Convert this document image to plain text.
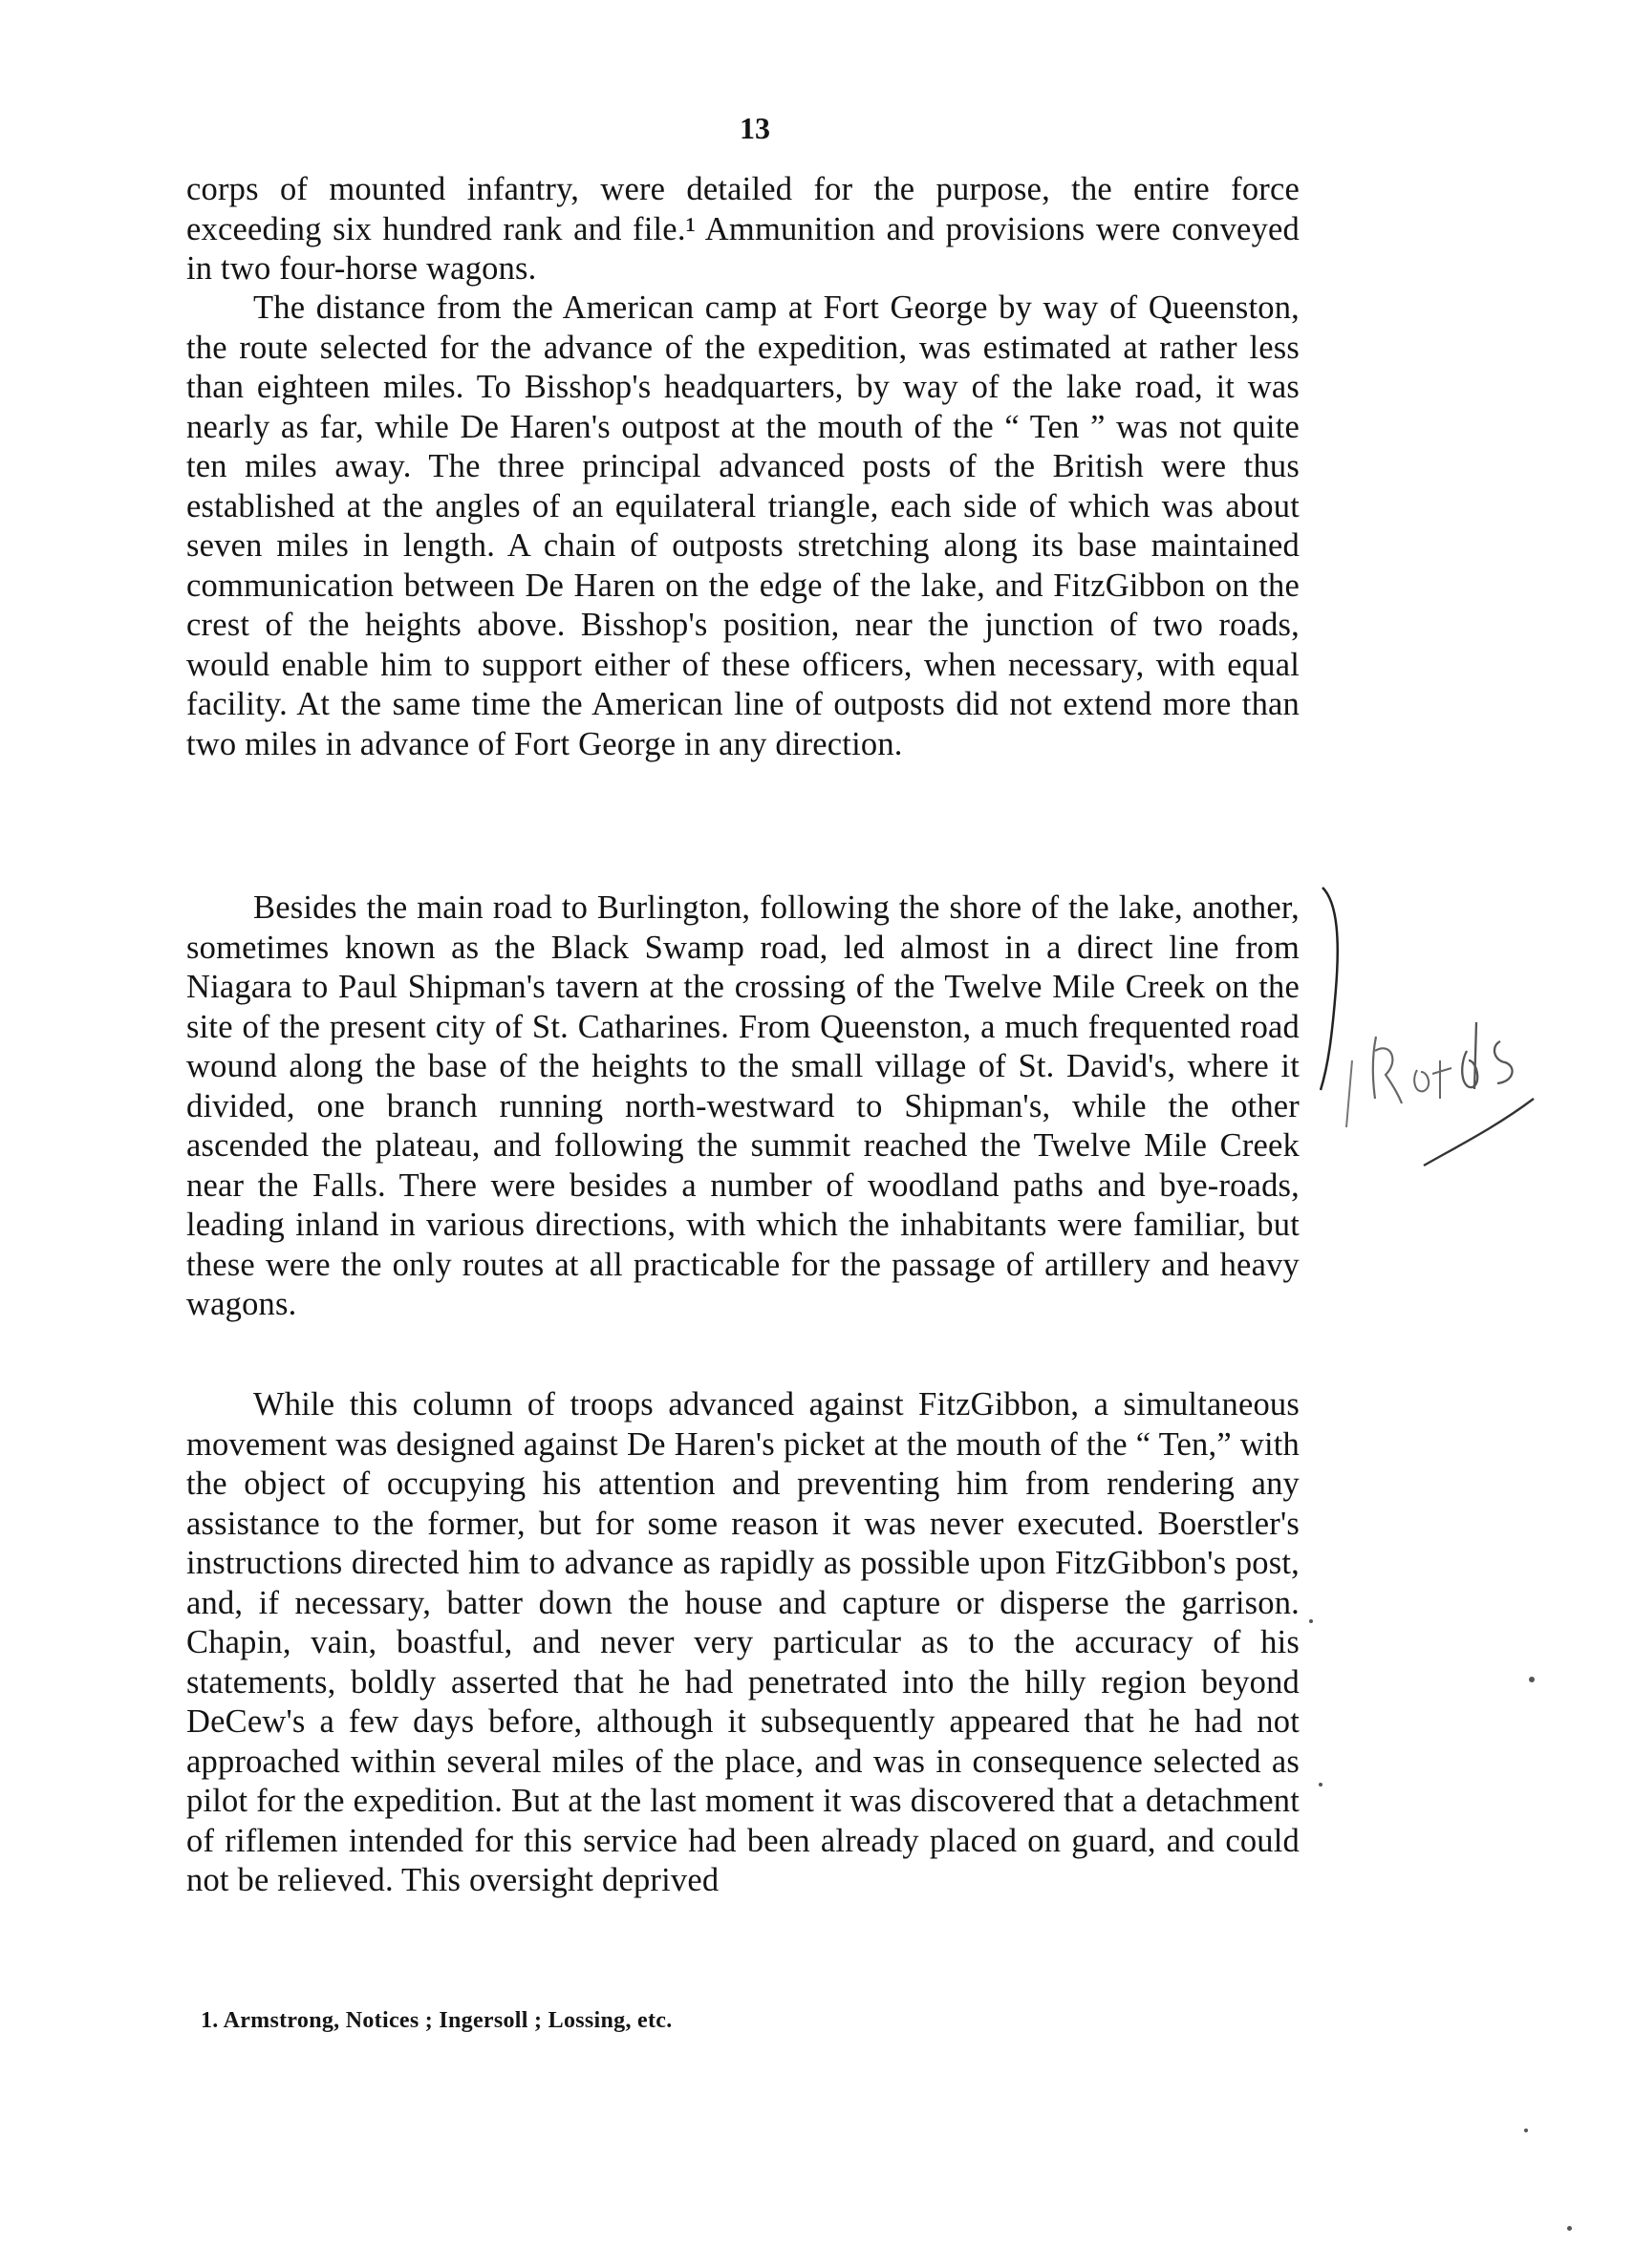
13

corps of mounted infantry, were detailed for the purpose, the entire force exceeding six hundred rank and file.¹ Ammunition and provisions were conveyed in two four-horse wagons.

The distance from the American camp at Fort George by way of Queenston, the route selected for the advance of the expedition, was estimated at rather less than eighteen miles. To Bisshop's headquarters, by way of the lake road, it was nearly as far, while De Haren's outpost at the mouth of the “ Ten ” was not quite ten miles away. The three principal advanced posts of the British were thus established at the angles of an equilateral triangle, each side of which was about seven miles in length. A chain of outposts stretching along its base maintained communication between De Haren on the edge of the lake, and FitzGibbon on the crest of the heights above. Bisshop's position, near the junction of two roads, would enable him to support either of these officers, when necessary, with equal facility. At the same time the American line of outposts did not extend more than two miles in advance of Fort George in any direction.

Besides the main road to Burlington, following the shore of the lake, another, sometimes known as the Black Swamp road, led almost in a direct line from Niagara to Paul Shipman's tavern at the crossing of the Twelve Mile Creek on the site of the present city of St. Catharines. From Queenston, a much frequented road wound along the base of the heights to the small village of St. David's, where it divided, one branch running north-westward to Shipman's, while the other ascended the plateau, and following the summit reached the Twelve Mile Creek near the Falls. There were besides a number of woodland paths and bye-roads, leading inland in various directions, with which the inhabitants were familiar, but these were the only routes at all practicable for the passage of artillery and heavy wagons.

While this column of troops advanced against FitzGibbon, a simultaneous movement was designed against De Haren's picket at the mouth of the “ Ten,” with the object of occupying his attention and preventing him from rendering any assistance to the former, but for some reason it was never executed. Boerstler's instructions directed him to advance as rapidly as possible upon FitzGibbon's post, and, if necessary, batter down the house and capture or disperse the garrison. Chapin, vain, boastful, and never very particular as to the accuracy of his statements, boldly asserted that he had penetrated into the hilly region beyond DeCew's a few days before, although it subsequently appeared that he had not approached within several miles of the place, and was in consequence selected as pilot for the expedition. But at the last moment it was discovered that a detachment of riflemen intended for this service had been already placed on guard, and could not be relieved. This oversight deprived

1. Armstrong, Notices ; Ingersoll ; Lossing, etc.
